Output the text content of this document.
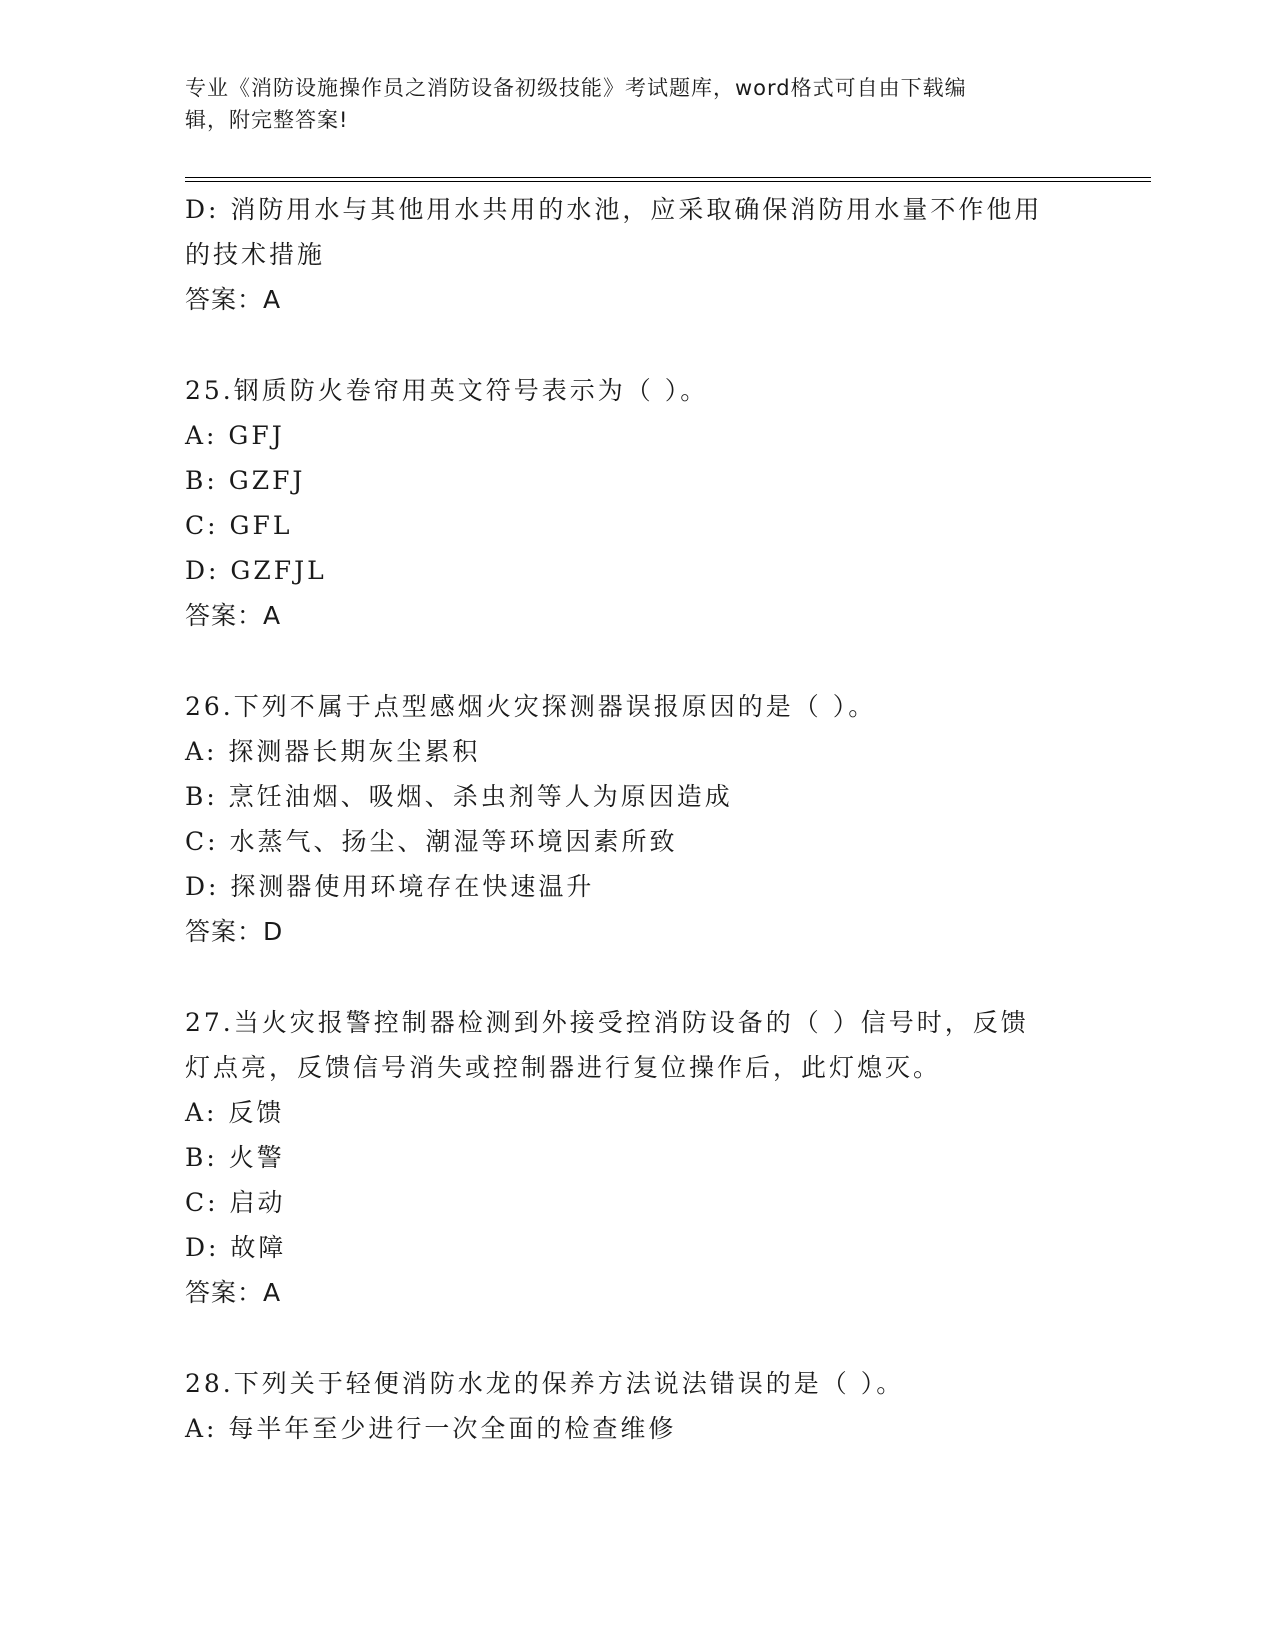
专业《消防设施操作员之消防设备初级技能》考试题库，word格式可自由下载编
辑，附完整答案!
D: 消防用水与其他用水共用的水池，应采取确保消防用水量不作他用
的技术措施
答案：A
25.钢质防火卷帘用英文符号表示为（ ）。
A: GFJ
B: GZFJ
C: GFL
D: GZFJL
答案：A
26.下列不属于点型感烟火灾探测器误报原因的是（ ）。
A: 探测器长期灰尘累积
B: 烹饪油烟、吸烟、杀虫剂等人为原因造成
C: 水蒸气、扬尘、潮湿等环境因素所致
D: 探测器使用环境存在快速温升
答案：D
27.当火灾报警控制器检测到外接受控消防设备的（ ）信号时，反馈
灯点亮，反馈信号消失或控制器进行复位操作后，此灯熄灭。
A: 反馈
B: 火警
C: 启动
D: 故障
答案：A
28.下列关于轻便消防水龙的保养方法说法错误的是（ ）。
A: 每半年至少进行一次全面的检查维修
